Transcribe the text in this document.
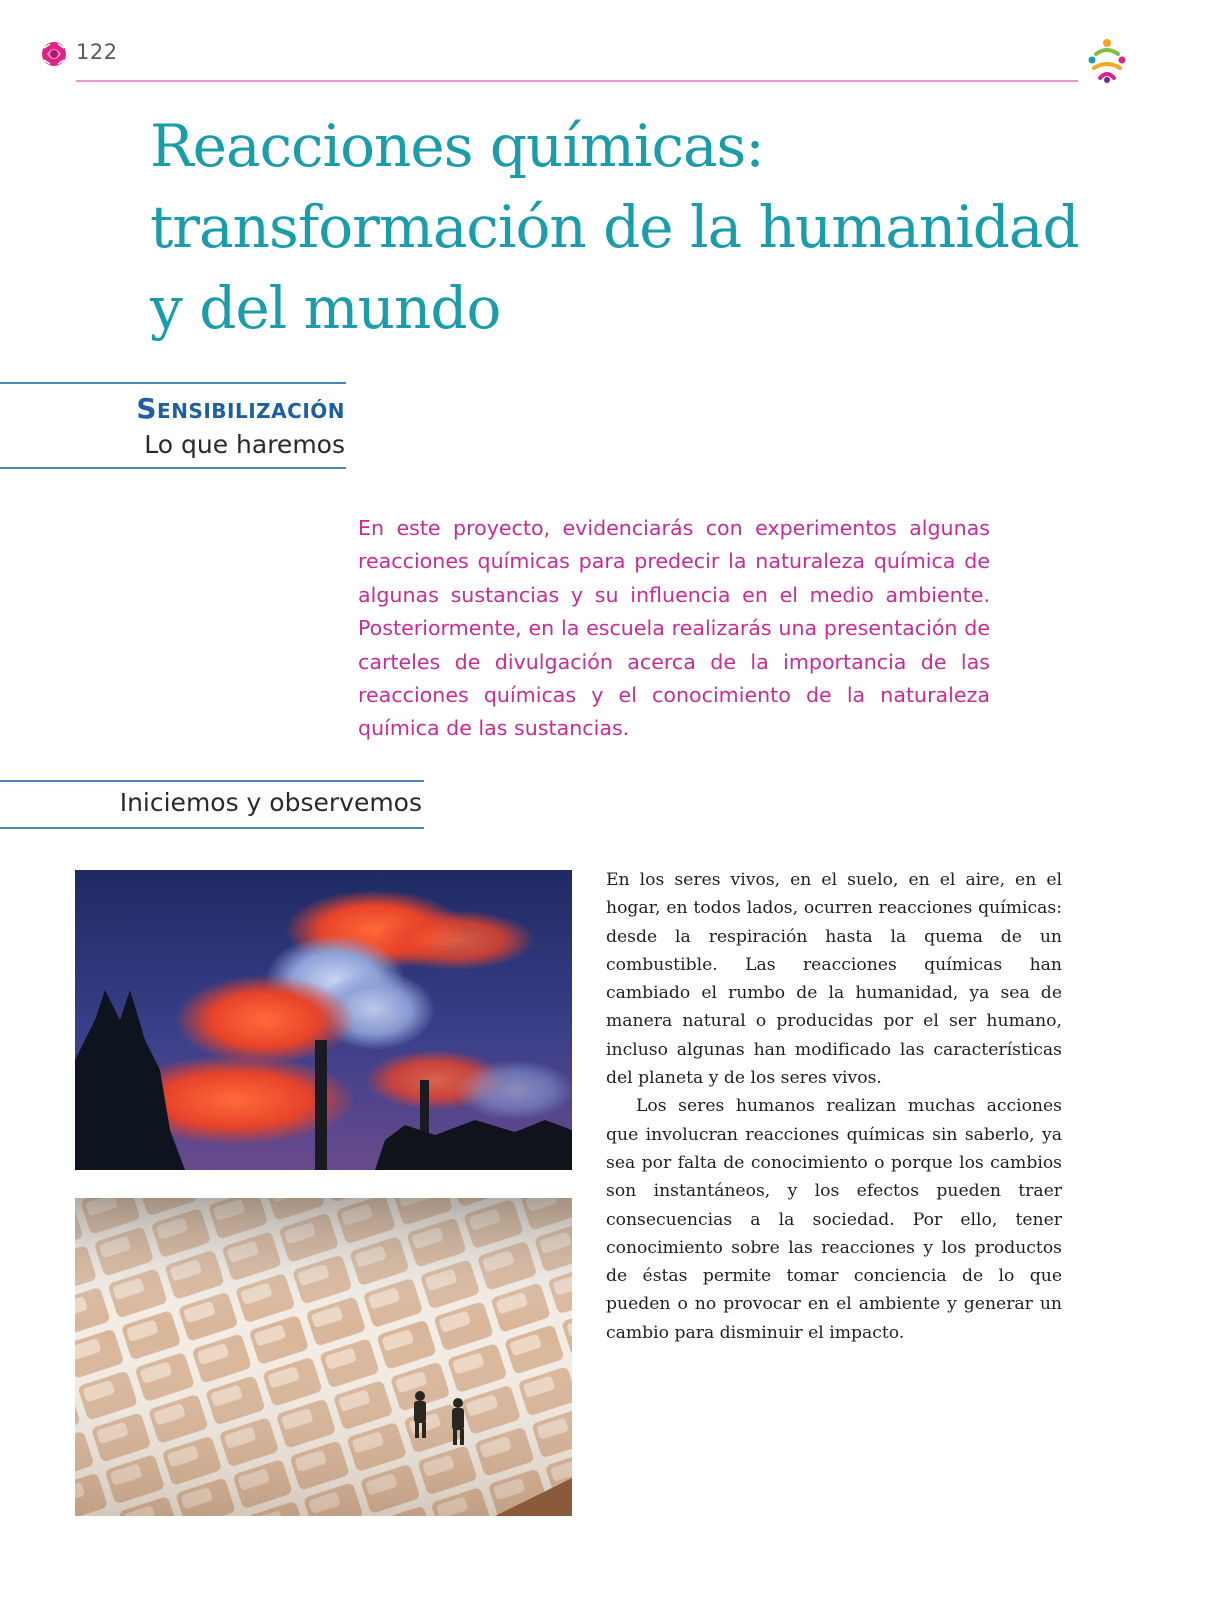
122
Reacciones químicas:
transformación de la humanidad
y del mundo
Sensibilización
Lo que haremos

En este proyecto, evidenciarás con experimentos algunas reacciones químicas para predecir la naturaleza química de algunas sustancias y su influencia en el medio ambiente. Posteriormente, en la escuela realizarás una presentación de carteles de divulgación acerca de la importancia de las reacciones químicas y el conocimiento de la naturaleza química de las sustancias.

Iniciemos y observemos

En los seres vivos, en el suelo, en el aire, en el hogar, en todos lados, ocurren reacciones químicas: desde la respiración hasta la quema de un combustible. Las reacciones químicas han cambiado el rumbo de la humanidad, ya sea de manera natural o producidas por el ser humano, incluso algunas han modificado las características del planeta y de los seres vivos.

Los seres humanos realizan muchas acciones que involucran reacciones químicas sin saberlo, ya sea por falta de conocimiento o porque los cambios son instantáneos, y los efectos pueden traer consecuencias a la sociedad. Por ello, tener conocimiento sobre las reacciones y los productos de éstas permite tomar conciencia de lo que pueden o no provocar en el ambiente y generar un cambio para disminuir el impacto.
